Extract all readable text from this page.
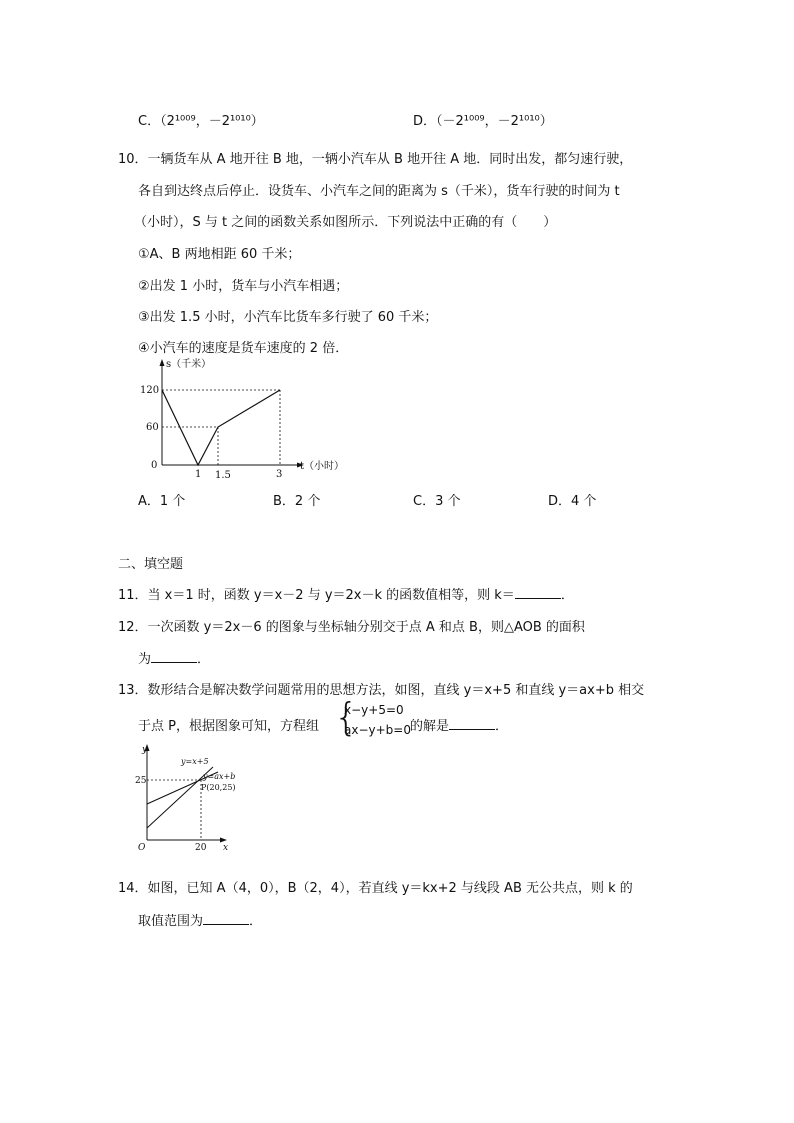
C．（2¹⁰⁰⁹，－2¹⁰¹⁰）	D．（－2¹⁰⁰⁹，－2¹⁰¹⁰）
10．一辆货车从 A 地开往 B 地，一辆小汽车从 B 地开往 A 地．同时出发，都匀速行驶，
各自到达终点后停止．设货车、小汽车之间的距离为 s（千米），货车行驶的时间为 t
（小时），S 与 t 之间的函数关系如图所示．下列说法中正确的有（　　）
①A、B 两地相距 60 千米；
②出发 1 小时，货车与小汽车相遇；
③出发 1.5 小时，小汽车比货车多行驶了 60 千米；
④小汽车的速度是货车速度的 2 倍．
s（千米）
120
60
0
1 1.5	3
t（小时）
A．1 个	B．2 个	C．3 个	D．4 个
二、填空题
11．当 x＝1 时，函数 y＝x－2 与 y＝2x－k 的函数值相等，则 k＝	．
12．一次函数 y＝2x－6 的图象与坐标轴分别交于点 A 和点 B，则△AOB 的面积
为	．
13．数形结合是解决数学问题常用的思想方法，如图，直线 y＝x+5 和直线 y＝ax+b 相交
于点 P，根据图象可知，方程组 {
x−y+5=0
ax−y+b=0 的解是	．
y
y=x+5
y=ax+b
P(20,25)
25
O	20 x
14．如图，已知 A（4，0），B（2，4），若直线 y＝kx+2 与线段 AB 无公共点，则 k 的
取值范围为	．
